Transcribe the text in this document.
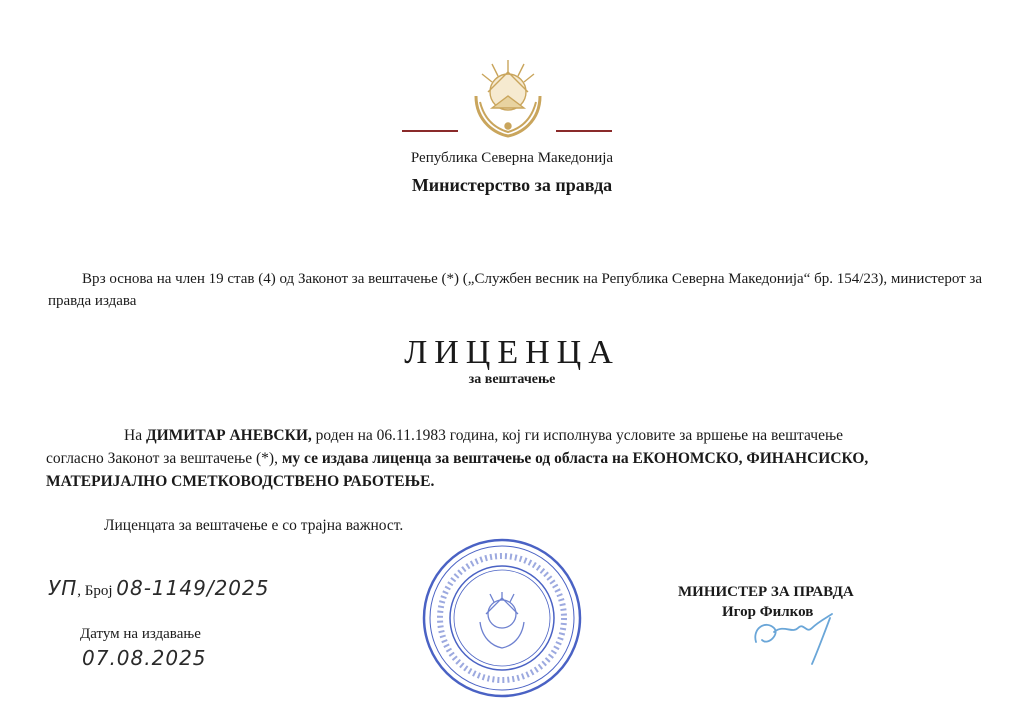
Република Северна Македонија
Министерство за правда
Врз основа на член 19 став (4) од Законот за вештачење (*) („Службен весник на Република Северна Македонија“ бр. 154/23), министерот за правда издава
ЛИЦЕНЦА
за вештачење
На ДИМИТАР АНЕВСКИ, роден на 06.11.1983 година, кој ги исполнува условите за вршење на вештачење
согласно Законот за вештачење (*), му се издава лиценца за вештачење од областа на ЕКОНОМСКО, ФИНАНСИСКО,
МАТЕРИЈАЛНО СМЕТКОВОДСТВЕНО РАБОТЕЊЕ.
Лиценцата за вештачење е со трајна важност.
УП, Број 08-1149/2025
Датум на издавање
07.08.2025
МИНИСТЕР ЗА ПРАВДА
Игор Филков
